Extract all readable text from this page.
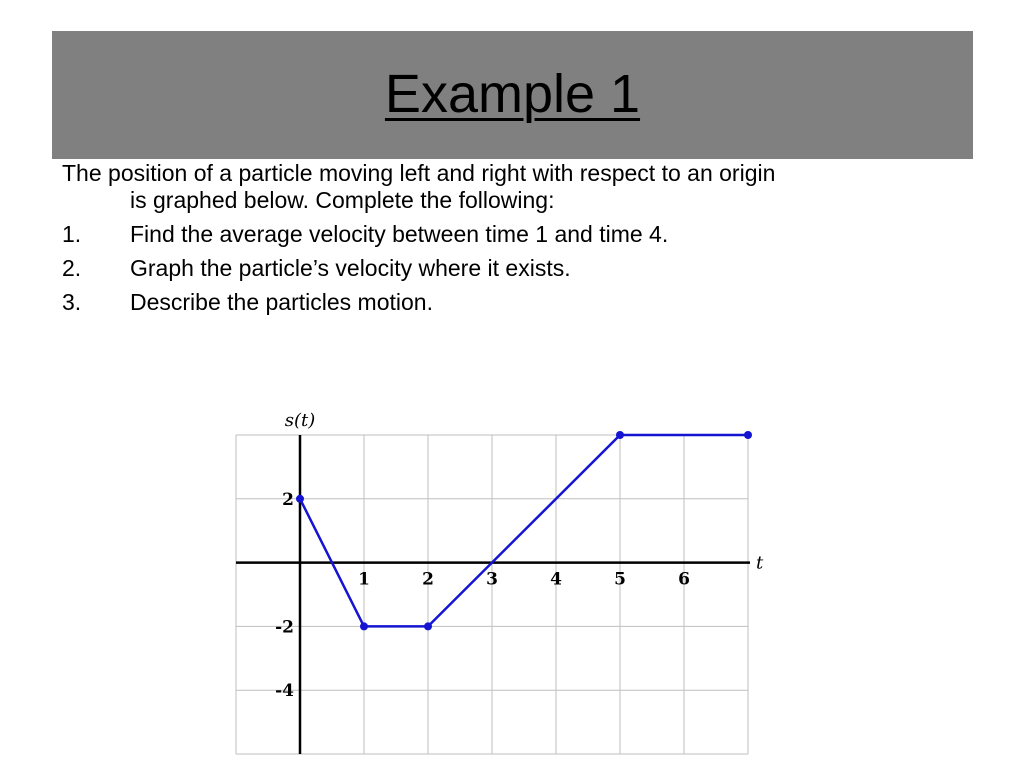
Example 1

The position of a particle moving left and right with respect to an origin

is graphed below. Complete the following:

1.	Find the average velocity between time 1 and time 4.
2.	Graph the particle’s velocity where it exists.
3.	Describe the particles motion.
1	2	3	4	5	6
2
-2
-4
s(t)
t
